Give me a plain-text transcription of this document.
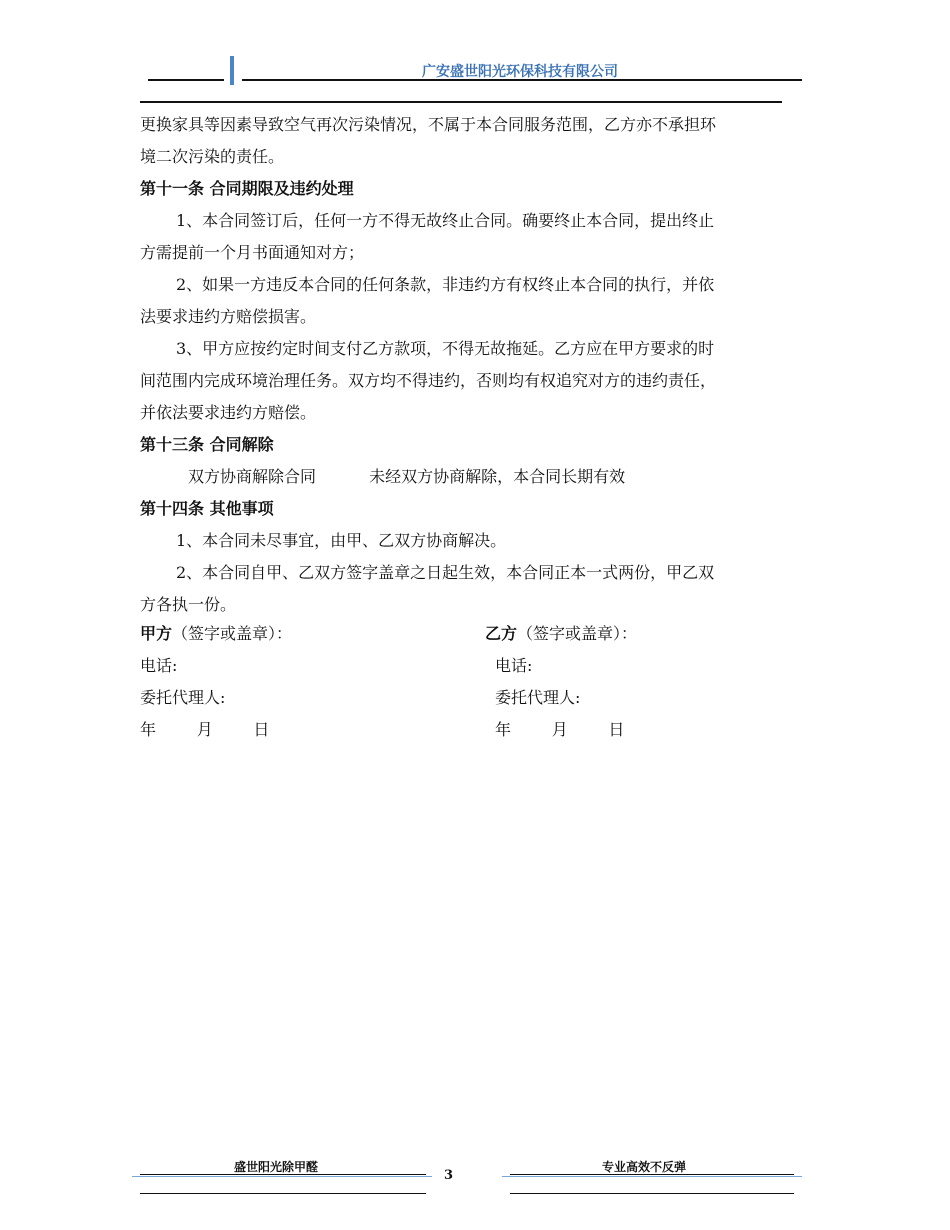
广安盛世阳光环保科技有限公司
更换家具等因素导致空气再次污染情况，不属于本合同服务范围，乙方亦不承担环
境二次污染的责任。
第十一条 合同期限及违约处理
1、本合同签订后，任何一方不得无故终止合同。确要终止本合同，提出终止
方需提前一个月书面通知对方；
2、如果一方违反本合同的任何条款，非违约方有权终止本合同的执行，并依
法要求违约方赔偿损害。
3、甲方应按约定时间支付乙方款项，不得无故拖延。乙方应在甲方要求的时
间范围内完成环境治理任务。双方均不得违约，否则均有权追究对方的违约责任，
并依法要求违约方赔偿。
第十三条 合同解除
双方协商解除合同	未经双方协商解除，本合同长期有效
第十四条 其他事项
1、本合同未尽事宜，由甲、乙双方协商解决。
2、本合同自甲、乙双方签字盖章之日起生效，本合同正本一式两份，甲乙双
方各执一份。
甲方（签字或盖章）：	乙方（签字或盖章）：
电话:	电话:
委托代理人:	委托代理人:
年        月        日	年        月        日
盛世阳光除甲醛
3
专业高效不反弹
